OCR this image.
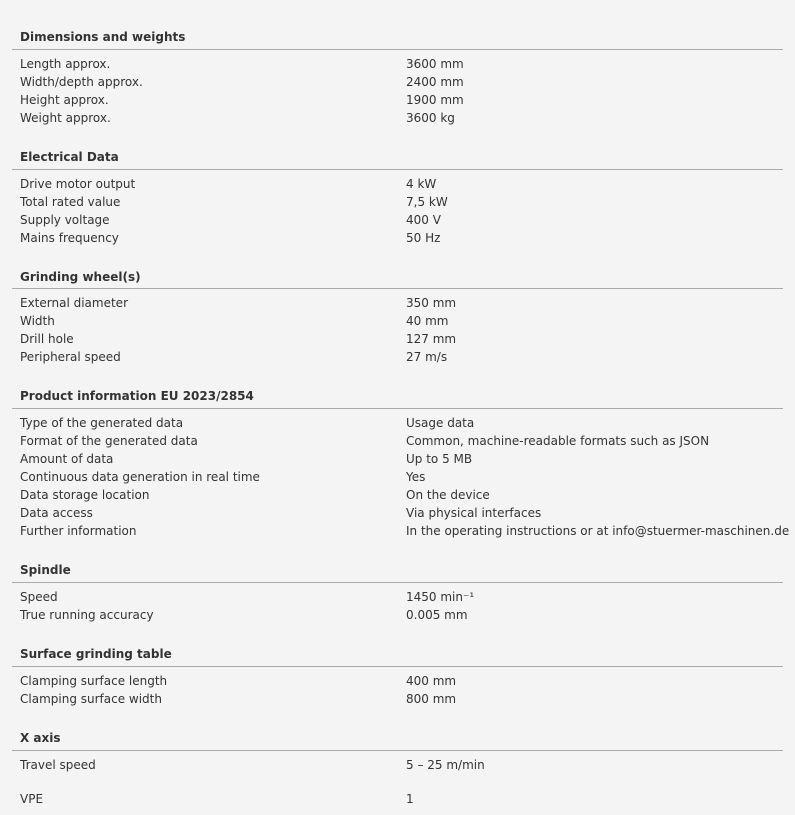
Dimensions and weights
Length approx.	3600 mm
Width/depth approx.	2400 mm
Height approx.	1900 mm
Weight approx.	3600 kg
Electrical Data
Drive motor output	4 kW
Total rated value	7,5 kW
Supply voltage	400 V
Mains frequency	50 Hz
Grinding wheel(s)
External diameter	350 mm
Width	40 mm
Drill hole	127 mm
Peripheral speed	27 m/s
Product information EU 2023/2854
Type of the generated data	Usage data
Format of the generated data	Common, machine-readable formats such as JSON
Amount of data	Up to 5 MB
Continuous data generation in real time	Yes
Data storage location	On the device
Data access	Via physical interfaces
Further information	In the operating instructions or at info@stuermer-maschinen.de
Spindle
Speed	1450 min⁻¹
True running accuracy	0.005 mm
Surface grinding table
Clamping surface length	400 mm
Clamping surface width	800 mm
X axis
Travel speed	5 – 25 m/min
VPE	1
